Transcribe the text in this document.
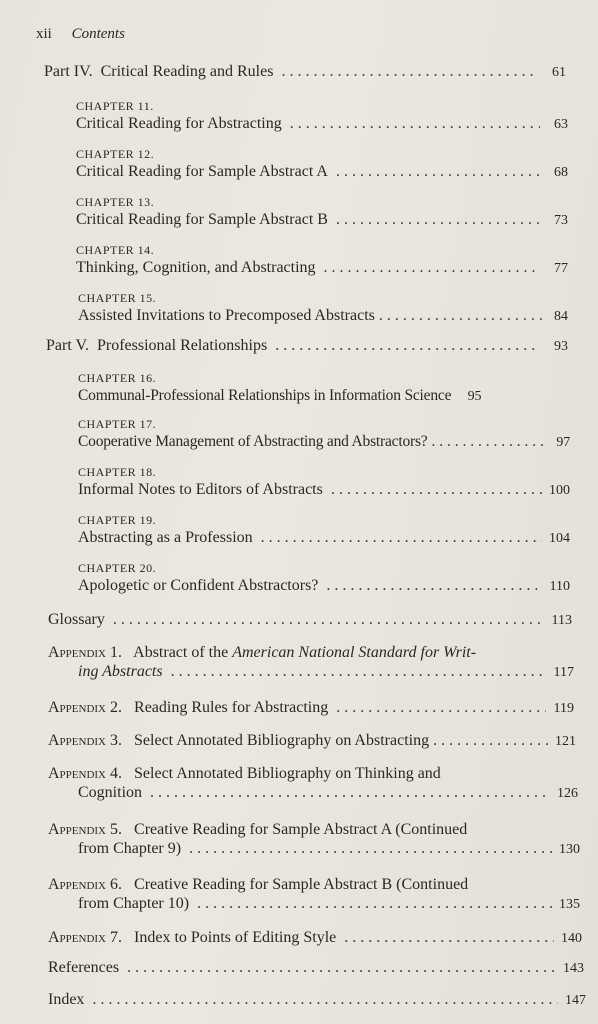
xii Contents
Part IV. Critical Reading and Rules . . .	61
CHAPTER 11.
Critical Reading for Abstracting . . .	63
CHAPTER 12.
Critical Reading for Sample Abstract A . . .	68
CHAPTER 13.
Critical Reading for Sample Abstract B . . .	73
CHAPTER 14.
Thinking, Cognition, and Abstracting . . .	77
CHAPTER 15.
Assisted Invitations to Precomposed Abstracts . . .	84
Part V. Professional Relationships . . .	93
CHAPTER 16.
Communal-Professional Relationships in Information Science	95
CHAPTER 17.
Cooperative Management of Abstracting and Abstractors? . . .	97
CHAPTER 18.
Informal Notes to Editors of Abstracts . . .	100
CHAPTER 19.
Abstracting as a Profession . . .	104
CHAPTER 20.
Apologetic or Confident Abstractors? . . .	110
Glossary . . .	113
Appendix 1. Abstract of the American National Standard for Writ-
ing Abstracts . . .	117
Appendix 2. Reading Rules for Abstracting . . .	119
Appendix 3. Select Annotated Bibliography on Abstracting . . .	121
Appendix 4. Select Annotated Bibliography on Thinking and
Cognition . . .	126
Appendix 5. Creative Reading for Sample Abstract A (Continued
from Chapter 9) . . .	130
Appendix 6. Creative Reading for Sample Abstract B (Continued
from Chapter 10) . . .	135
Appendix 7. Index to Points of Editing Style . . .	140
References . . .	143
Index . . .	147
